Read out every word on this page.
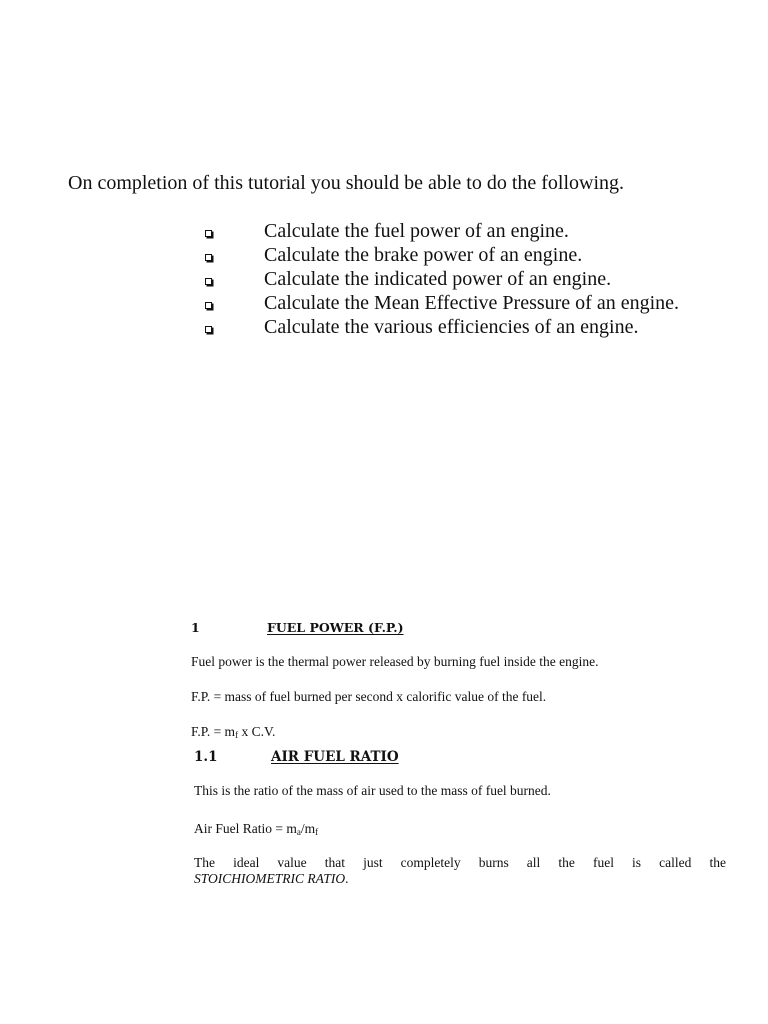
On completion of this tutorial you should be able to do the following.
Calculate the fuel power of an engine.
Calculate the brake power of an engine.
Calculate the indicated power of an engine.
Calculate the Mean Effective Pressure of an engine.
Calculate the various efficiencies of an engine.
1	FUEL POWER (F.P.)
Fuel power is the thermal power released by burning fuel inside the engine.
F.P. = mass of fuel burned per second x calorific value of the fuel.
F.P. = $m_f$ x C.V.
1.1	AIR FUEL RATIO
This is the ratio of the mass of air used to the mass of fuel burned.
Air Fuel Ratio = $m_a/m_f$
The ideal value that just completely burns all the fuel is called the
STOICHIOMETRIC RATIO.
